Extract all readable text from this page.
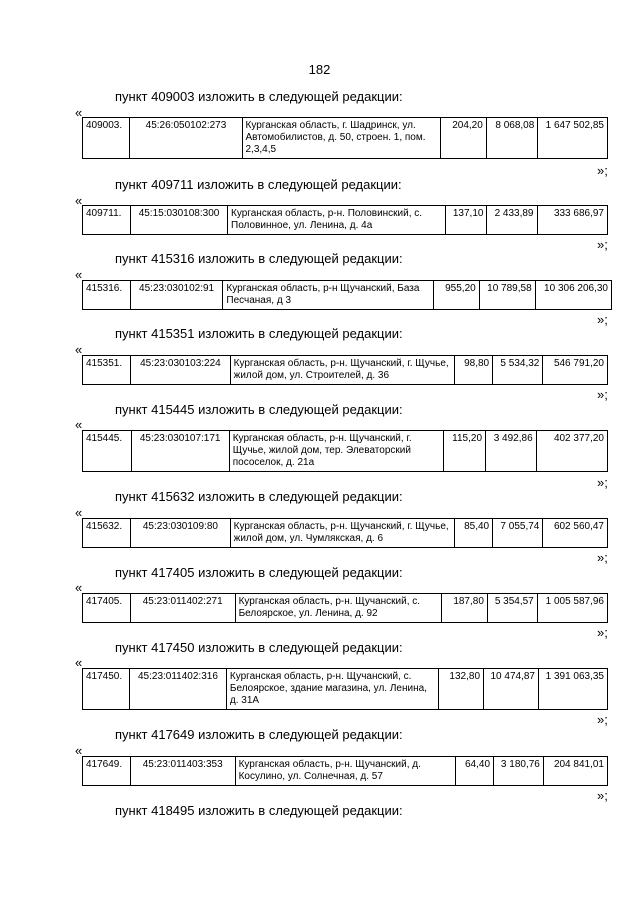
182
пункт 409003 изложить в следующей редакции:
«
409003.	45:26:050102:273	Курганская область, г. Шадринск, ул. Автомобилистов, д. 50, строен. 1, пом. 2,3,4,5	204,20	8 068,08	1 647 502,85
»;
пункт 409711 изложить в следующей редакции:
«
409711.	45:15:030108:300	Курганская область, р-н. Половинский, с. Половинное, ул. Ленина, д. 4а	137,10	2 433,89	333 686,97
»;
пункт 415316 изложить в следующей редакции:
«
415316.	45:23:030102:91	Курганская область, р-н Щучанский, База Песчаная, д 3	955,20	10 789,58	10 306 206,30
»;
пункт 415351 изложить в следующей редакции:
«
415351.	45:23:030103:224	Курганская область, р-н. Щучанский, г. Щучье, жилой дом, ул. Строителей, д. 36	98,80	5 534,32	546 791,20
»;
пункт 415445 изложить в следующей редакции:
«
415445.	45:23:030107:171	Курганская область, р-н. Щучанский, г. Щучье, жилой дом, тер. Элеваторский пососелок, д. 21а	115,20	3 492,86	402 377,20
»;
пункт 415632 изложить в следующей редакции:
«
415632.	45:23:030109:80	Курганская область, р-н. Щучанский, г. Щучье, жилой дом, ул. Чумлякская, д. 6	85,40	7 055,74	602 560,47
»;
пункт 417405 изложить в следующей редакции:
«
417405.	45:23:011402:271	Курганская область, р-н. Щучанский, с. Белоярское, ул. Ленина, д. 92	187,80	5 354,57	1 005 587,96
»;
пункт 417450 изложить в следующей редакции:
«
417450.	45:23:011402:316	Курганская область, р-н. Щучанский, с. Белоярское, здание магазина, ул. Ленина, д. 31А	132,80	10 474,87	1 391 063,35
»;
пункт 417649 изложить в следующей редакции:
«
417649.	45:23:011403:353	Курганская область, р-н. Щучанский, д. Косулино, ул. Солнечная, д. 57	64,40	3 180,76	204 841,01
»;
пункт 418495 изложить в следующей редакции:
